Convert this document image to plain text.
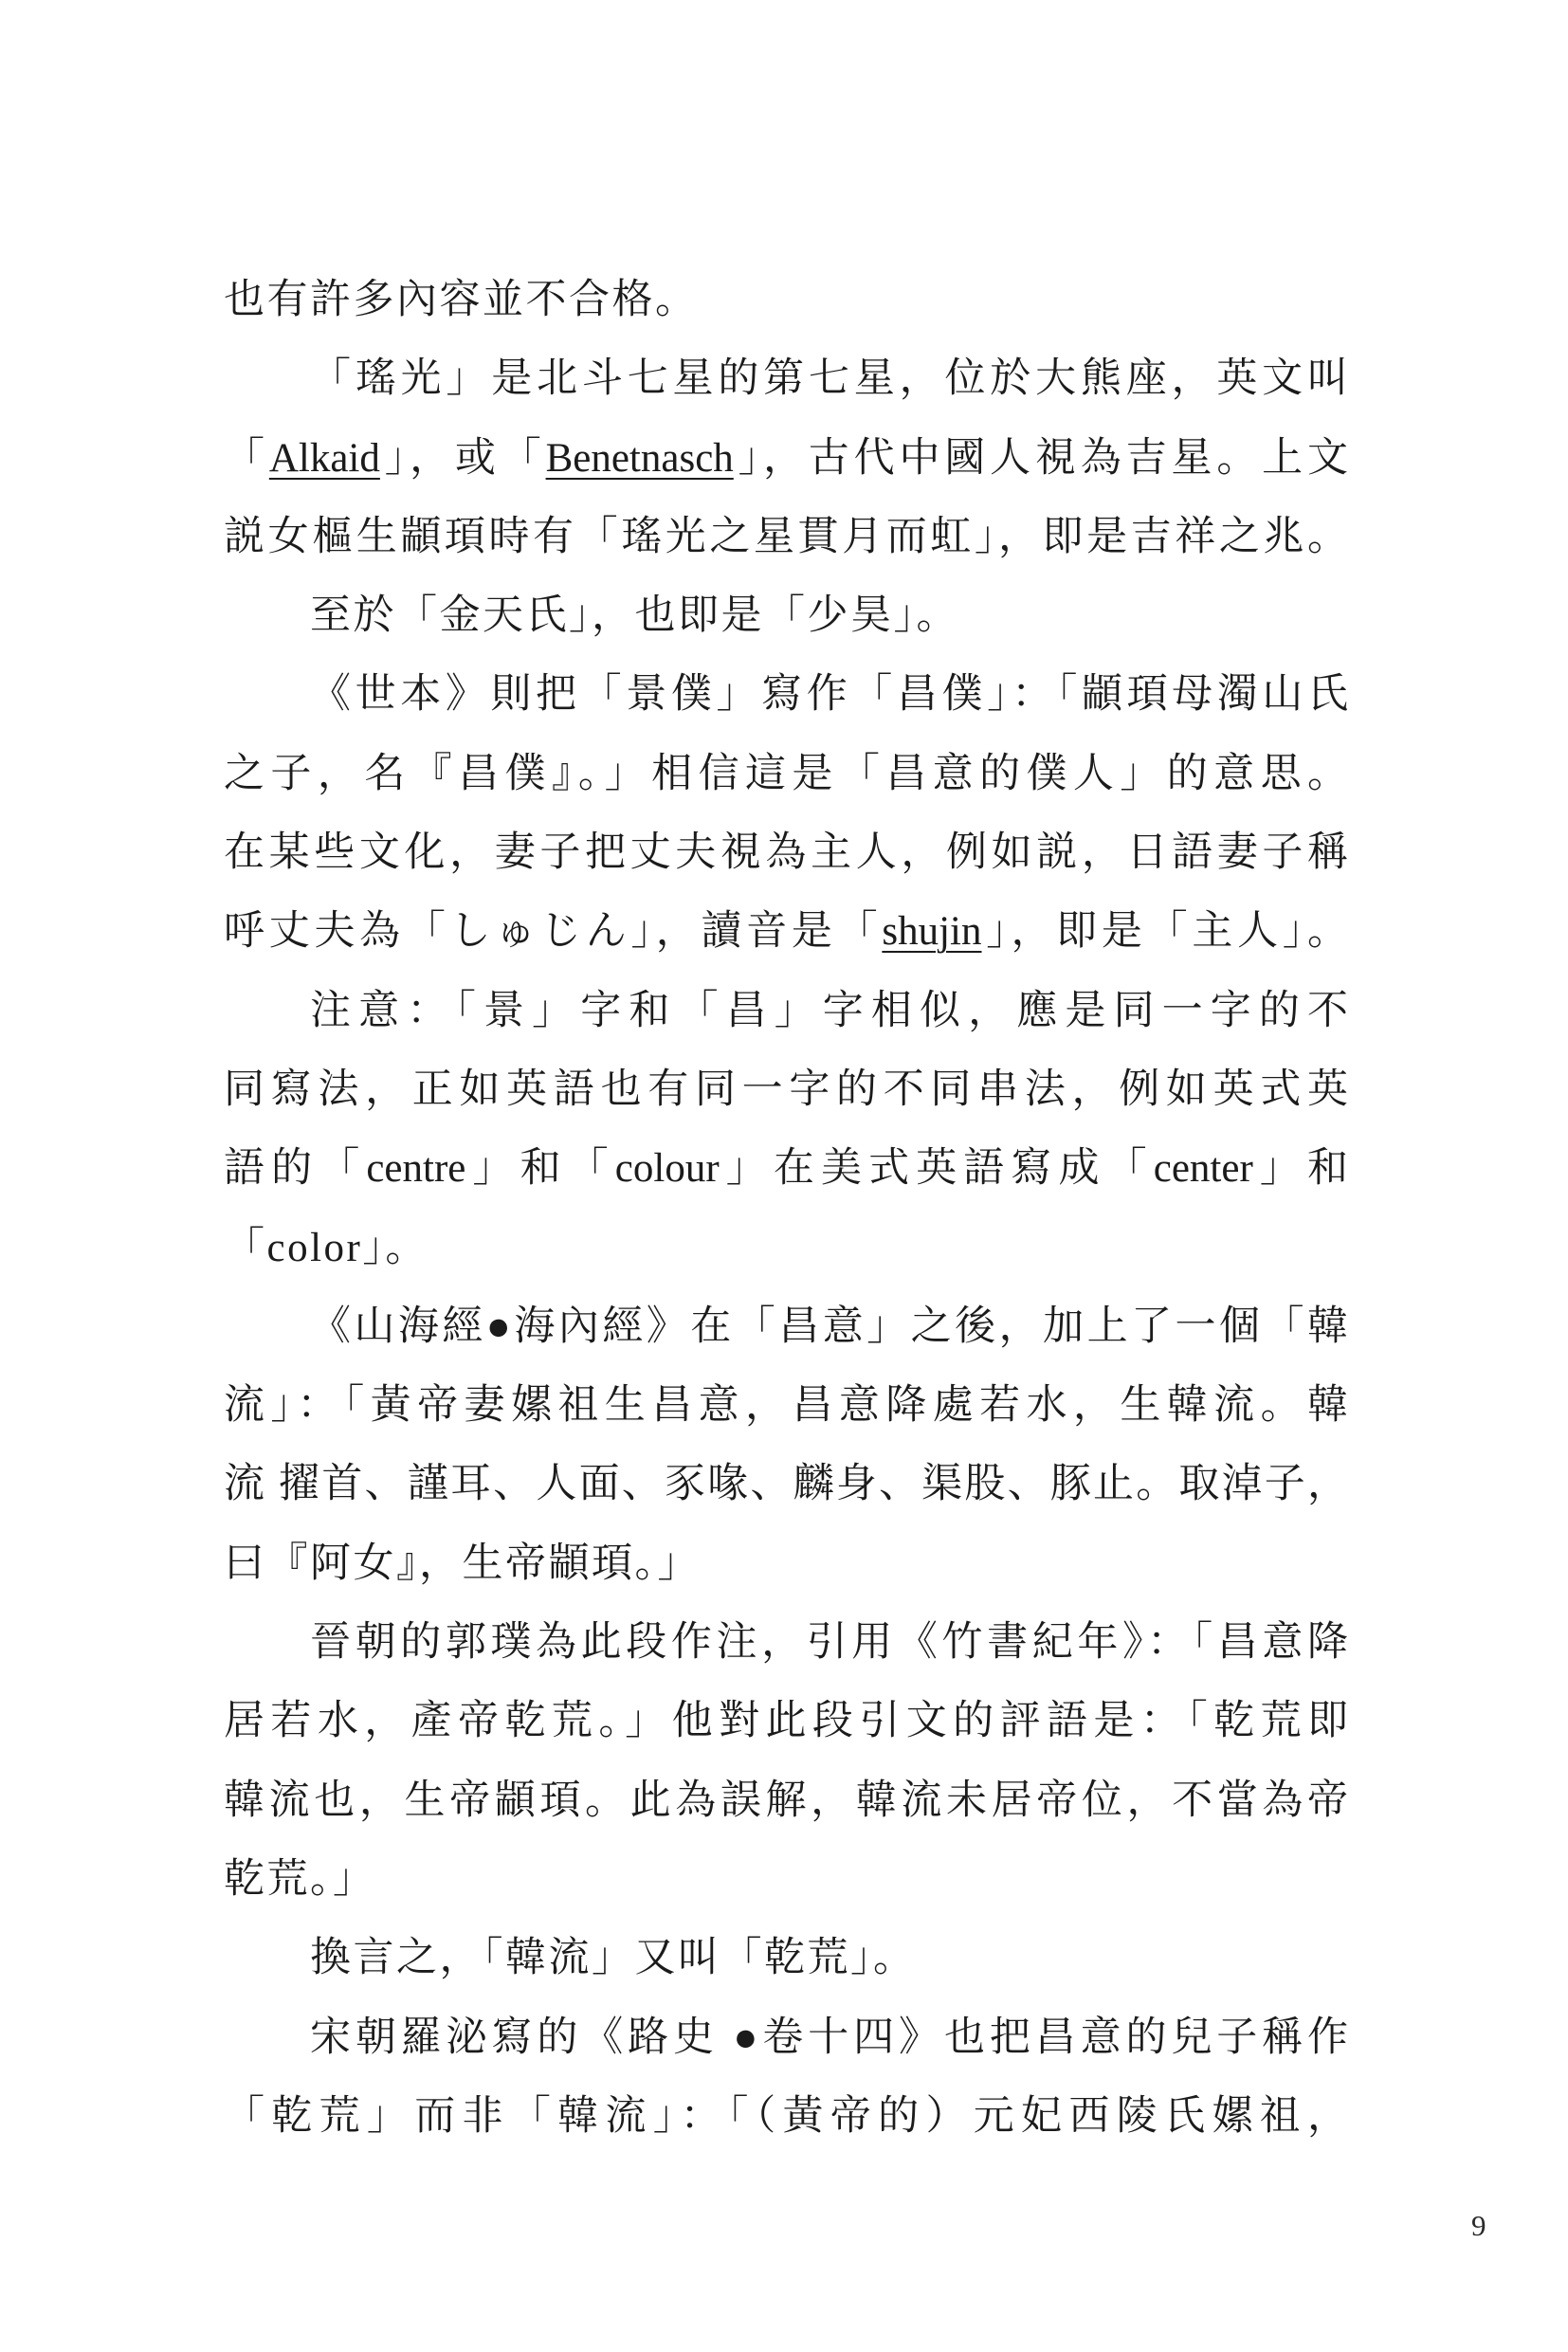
也有許多內容並不合格。
「瑤光」是北斗七星的第七星，位於大熊座，英文叫
「Alkaid」，或「Benetnasch」，古代中國人視為吉星。上文
説女樞生顓頊時有「瑤光之星貫月而虹」，即是吉祥之兆。
至於「金天氏」，也即是「少昊」。
《世本》則把「景僕」寫作「昌僕」：「顓頊母濁山氏
之子，名『昌僕』。」相信這是「昌意的僕人」的意思。
在某些文化，妻子把丈夫視為主人，例如説，日語妻子稱
呼丈夫為「しゅじん」，讀音是「shujin」，即是「主人」。
注意：「景」字和「昌」字相似，應是同一字的不
同寫法，正如英語也有同一字的不同串法，例如英式英
語的「centre」和「colour」在美式英語寫成「center」和
「color」。
《山海經●海內經》在「昌意」之後，加上了一個「韓
流」：「黃帝妻嫘祖生昌意，昌意降處若水，生韓流。韓
流 擢首、謹耳、人面、豕喙、麟身、渠股、豚止。取淖子，
曰『阿女』，生帝顓頊。」
晉朝的郭璞為此段作注，引用《竹書紀年》：「昌意降
居若水，產帝乾荒。」他對此段引文的評語是：「乾荒即
韓流也，生帝顓頊。此為誤解，韓流未居帝位，不當為帝
乾荒。」
換言之，「韓流」又叫「乾荒」。
宋朝羅泌寫的《路史 ●卷十四》也把昌意的兒子稱作
「乾荒」而非「韓流」：「（黃帝的）元妃西陵氏嫘祖，
9
